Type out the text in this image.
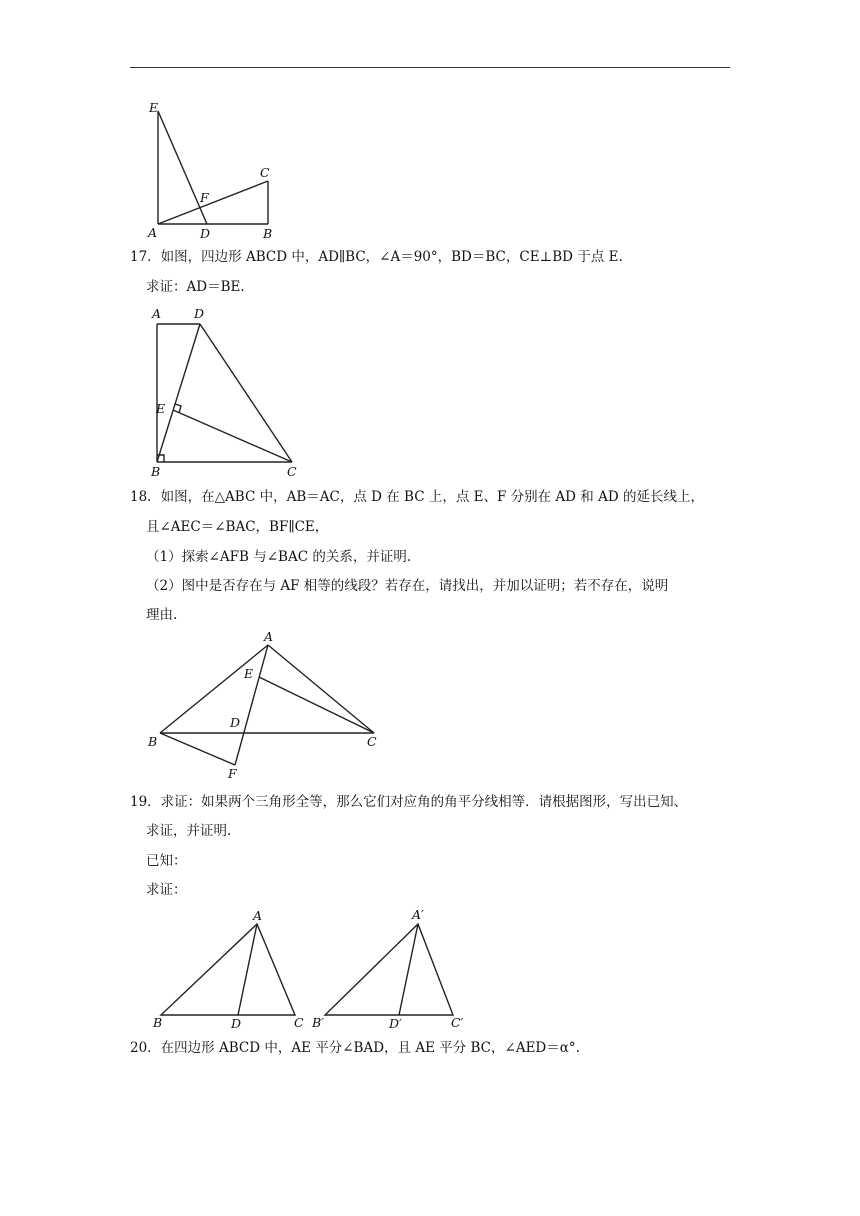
E
C
F
A	D	B
17．如图，四边形 ABCD 中，AD∥BC，∠A＝90°，BD＝BC，CE⊥BD 于点 E.
求证：AD＝BE.
A	D
E
B	C
18．如图，在△ABC 中，AB＝AC，点 D 在 BC 上，点 E、F 分别在 AD 和 AD 的延长线上，
且∠AEC＝∠BAC，BF∥CE，
（1）探索∠AFB 与∠BAC 的关系，并证明.
（2）图中是否存在与 AF 相等的线段？若存在，请找出，并加以证明；若不存在，说明
理由.
A
E
D
B	C
F
19．求证：如果两个三角形全等，那么它们对应角的角平分线相等．请根据图形，写出已知、
求证，并证明.
已知：
求证：
A
B	D	C
A′
B′	D′	C′
20．在四边形 ABCD 中，AE 平分∠BAD，且 AE 平分 BC，∠AED＝α°.
